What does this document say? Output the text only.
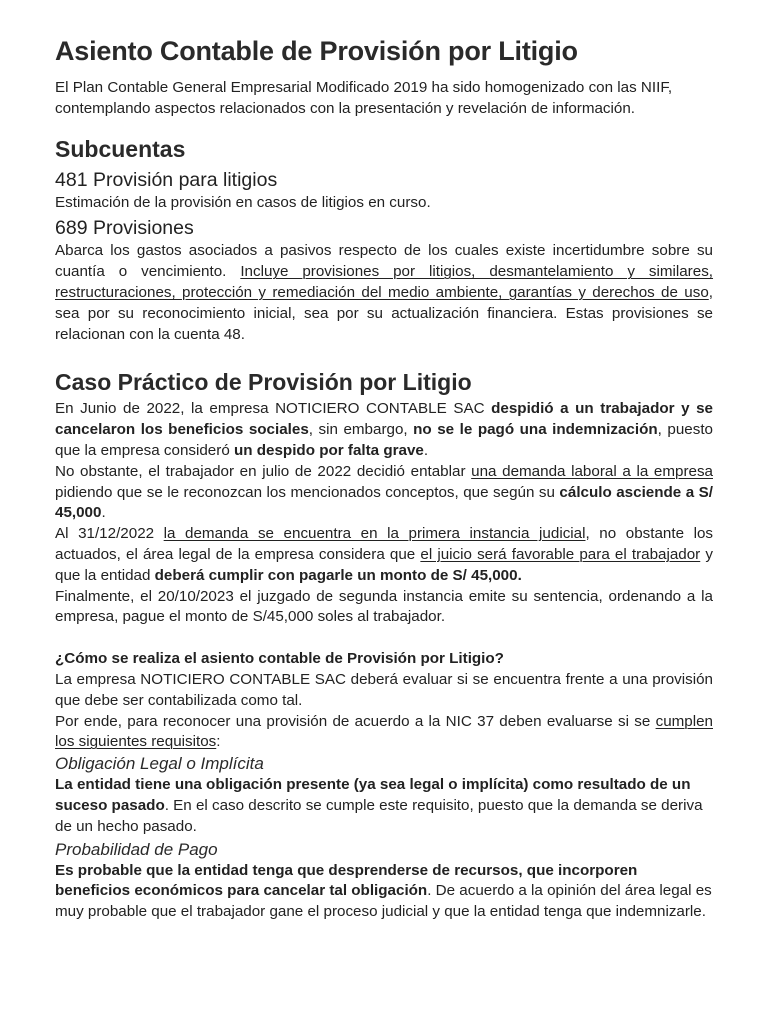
Asiento Contable de Provisión por Litigio

El Plan Contable General Empresarial Modificado 2019 ha sido homogenizado con las NIIF, contemplando aspectos relacionados con la presentación y revelación de información.

Subcuentas
481 Provisión para litigios

Estimación de la provisión en casos de litigios en curso.

689 Provisiones

Abarca los gastos asociados a pasivos respecto de los cuales existe incertidumbre sobre su cuantía o vencimiento. Incluye provisiones por litigios, desmantelamiento y similares, restructuraciones, protección y remediación del medio ambiente, garantías y derechos de uso, sea por su reconocimiento inicial, sea por su actualización financiera. Estas provisiones se relacionan con la cuenta 48.

Caso Práctico de Provisión por Litigio

En Junio de 2022, la empresa NOTICIERO CONTABLE SAC despidió a un trabajador y se cancelaron los beneficios sociales, sin embargo, no se le pagó una indemnización, puesto que la empresa consideró un despido por falta grave.

No obstante, el trabajador en julio de 2022 decidió entablar una demanda laboral a la empresa pidiendo que se le reconozcan los mencionados conceptos, que según su cálculo asciende a S/ 45,000.

Al 31/12/2022 la demanda se encuentra en la primera instancia judicial, no obstante los actuados, el área legal de la empresa considera que el juicio será favorable para el trabajador y que la entidad deberá cumplir con pagarle un monto de S/ 45,000.

Finalmente, el 20/10/2023 el juzgado de segunda instancia emite su sentencia, ordenando a la empresa, pague el monto de S/45,000 soles al trabajador.

¿Cómo se realiza el asiento contable de Provisión por Litigio?

La empresa NOTICIERO CONTABLE SAC deberá evaluar si se encuentra frente a una provisión que debe ser contabilizada como tal.

Por ende, para reconocer una provisión de acuerdo a la NIC 37 deben evaluarse si se cumplen los siguientes requisitos:

Obligación Legal o Implícita

La entidad tiene una obligación presente (ya sea legal o implícita) como resultado de un suceso pasado. En el caso descrito se cumple este requisito, puesto que la demanda se deriva de un hecho pasado.

Probabilidad de Pago

Es probable que la entidad tenga que desprenderse de recursos, que incorporen beneficios económicos para cancelar tal obligación. De acuerdo a la opinión del área legal es muy probable que el trabajador gane el proceso judicial y que la entidad tenga que indemnizarle.
